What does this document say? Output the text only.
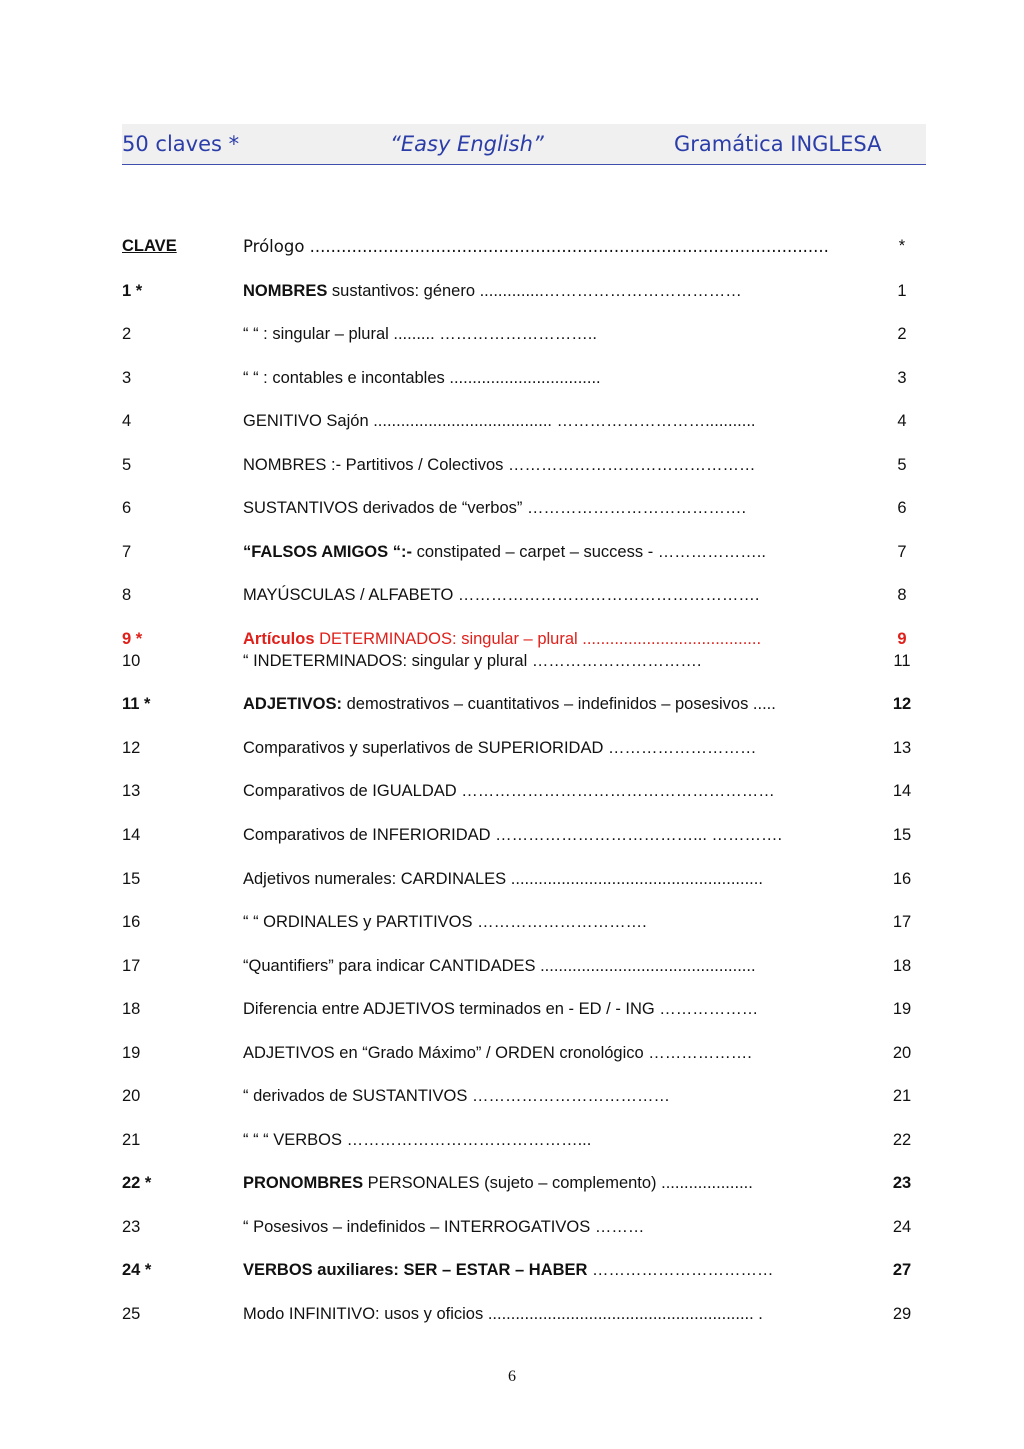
50 claves *	“Easy English”	Gramática INGLESA
CLAVE	Prólogo ...................................................................................................	*
1 *	NOMBRES sustantivos: género ..............………………………………	1
2	“ “ : singular – plural ......... ………………………..	2
3	“ “ : contables e incontables .................................	3
4	GENITIVO Sajón ....................................... ………………………...........	4
5	NOMBRES :- Partitivos / Colectivos ………………………………………	5
6	SUSTANTIVOS derivados de “verbos” ………………………………….	6
7	“FALSOS AMIGOS “:- constipated – carpet – success - ………………..	7
8	MAYÚSCULAS / ALFABETO ……………………………………………….	8
9 *	Artículos DETERMINADOS: singular – plural .......................................	9
10	“ INDETERMINADOS: singular y plural ………………………….	11
11 *	ADJETIVOS: demostrativos – cuantitativos – indefinidos – posesivos .....	12
12	Comparativos y superlativos de SUPERIORIDAD ………………………	13
13	Comparativos de IGUALDAD …………………………………………………	14
14	Comparativos de INFERIORIDAD ………………………………... ………….	15
15	Adjetivos numerales: CARDINALES .......................................................	16
16	“ “ ORDINALES y PARTITIVOS ………………………….	17
17	“Quantifiers” para indicar CANTIDADES ...............................................	18
18	Diferencia entre ADJETIVOS terminados en - ED / - ING ………………	19
19	ADJETIVOS en “Grado Máximo” / ORDEN cronológico ……………….	20
20	“ derivados de SUSTANTIVOS ………………………………	21
21	“ “ “ VERBOS ……………………………………...	22
22 *	PRONOMBRES PERSONALES (sujeto – complemento) ....................	23
23	“ Posesivos – indefinidos – INTERROGATIVOS ………	24
24 *	VERBOS auxiliares: SER – ESTAR – HABER ……………………………	27
25	Modo INFINITIVO: usos y oficios .......................................................... .	29
6
